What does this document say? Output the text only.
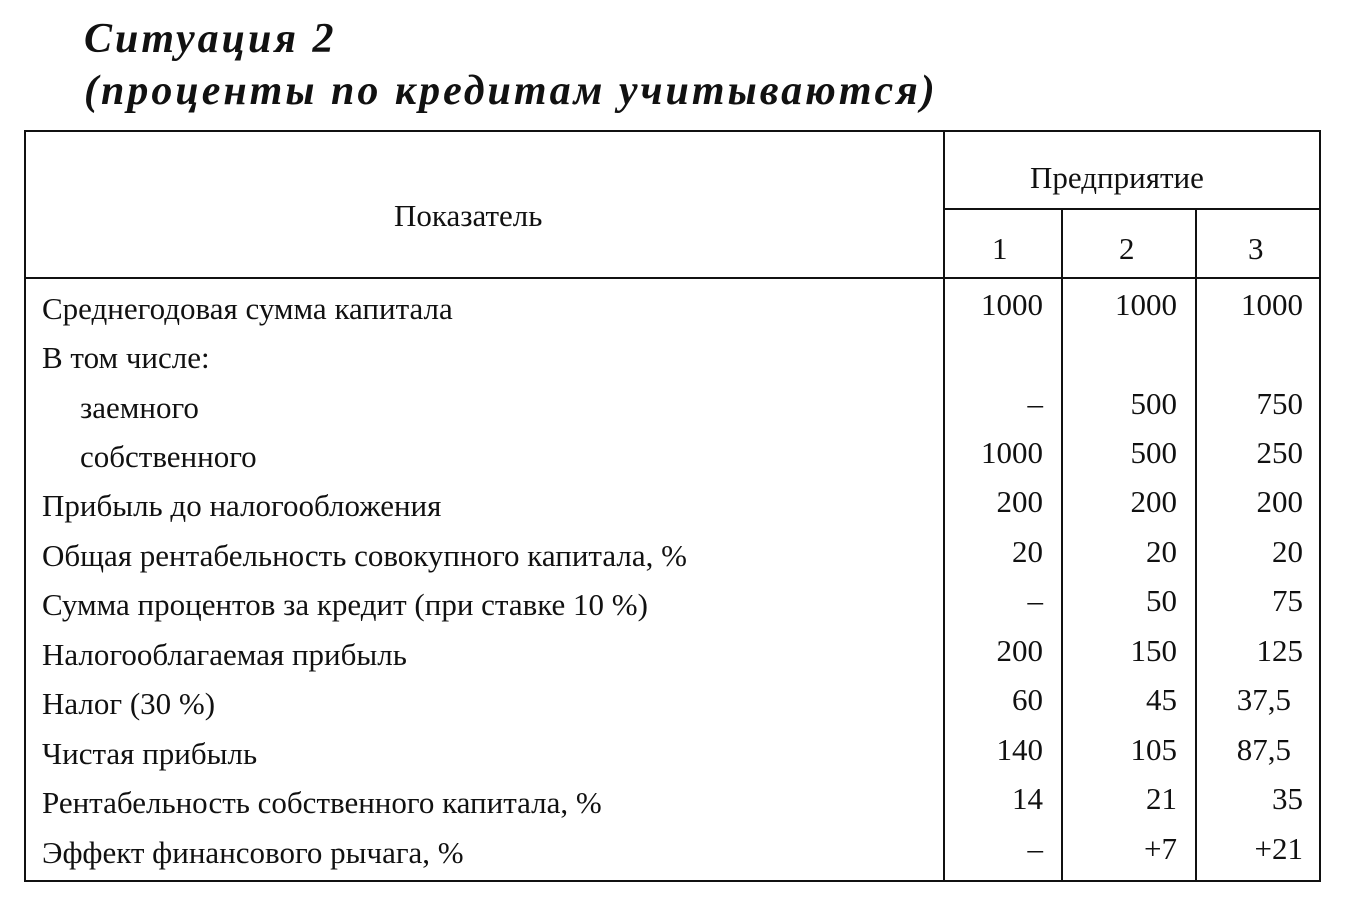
Ситуация 2
(проценты по кредитам учитываются)
Показатель
Предприятие
1	2	3
Среднегодовая сумма капитала	1000	1000	1000
В том числе:
заемного	–	500	750
собственного	1000	500	250
Прибыль до налогообложения	200	200	200
Общая рентабельность совокупного капитала, %	20	20	20
Сумма процентов за кредит (при ставке 10 %)	–	50	75
Налогооблагаемая прибыль	200	150	125
Налог (30 %)	60	45	37,5
Чистая прибыль	140	105	87,5
Рентабельность собственного капитала, %	14	21	35
Эффект финансового рычага, %	–	+7	+21
